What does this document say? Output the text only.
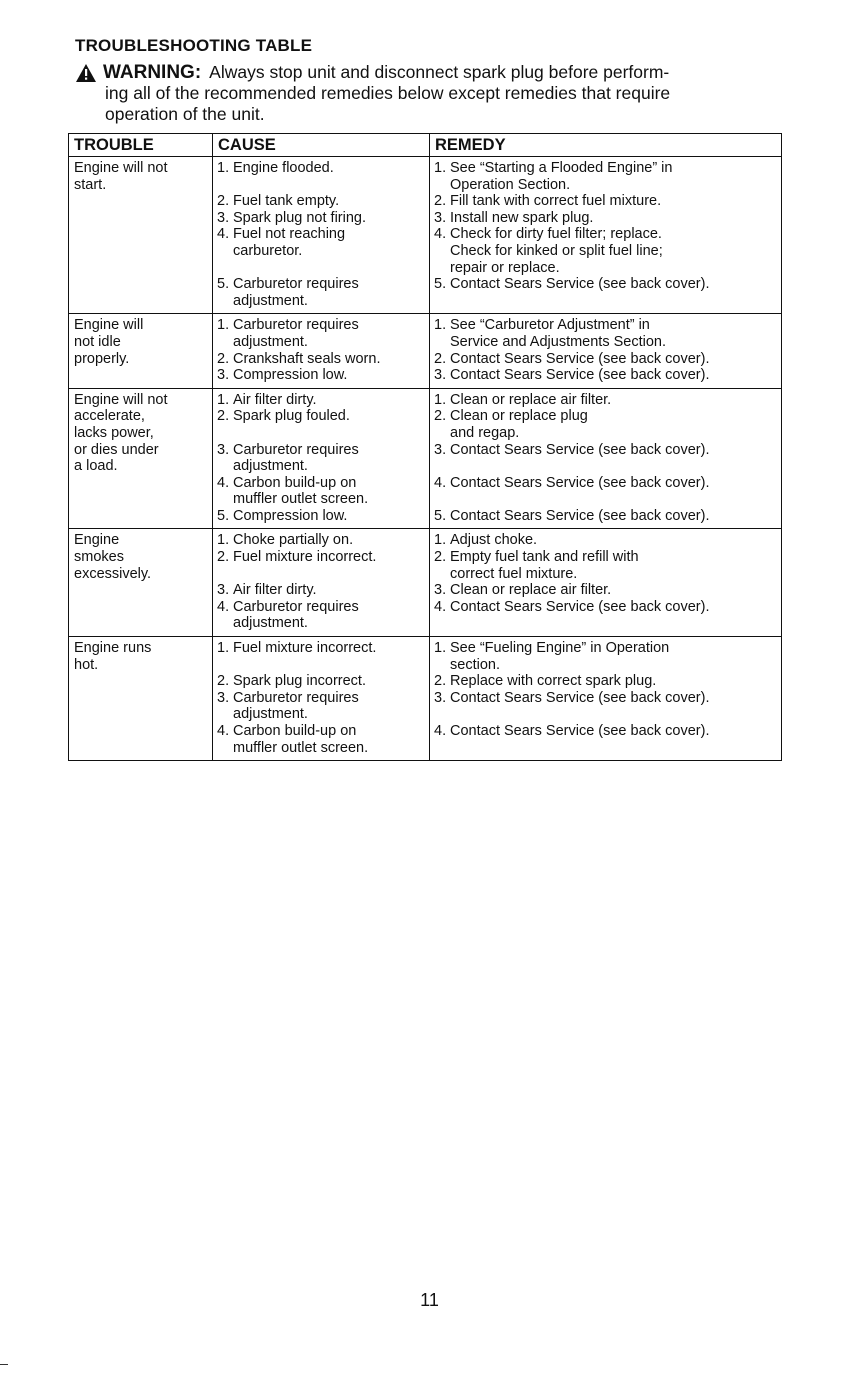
TROUBLESHOOTING TABLE
WARNING: Always stop unit and disconnect spark plug before perform-
ing all of the recommended remedies below except remedies that require
operation of the unit.
TROUBLE	CAUSE	REMEDY
Engine will not
start.
1. Engine flooded.
2. Fuel tank empty.
3. Spark plug not firing.
4. Fuel not reaching
carburetor.
5. Carburetor requires
adjustment.
1. See “Starting a Flooded Engine” in
Operation Section.
2. Fill tank with correct fuel mixture.
3. Install new spark plug.
4. Check for dirty fuel filter; replace.
Check for kinked or split fuel line;
repair or replace.
5. Contact Sears Service (see back cover).
Engine will
not idle
properly.
1. Carburetor requires
adjustment.
2. Crankshaft seals worn.
3. Compression low.
1. See “Carburetor Adjustment” in
Service and Adjustments Section.
2. Contact Sears Service (see back cover).
3. Contact Sears Service (see back cover).
Engine will not
accelerate,
lacks power,
or dies under
a load.
1. Air filter dirty.
2. Spark plug fouled.
3. Carburetor requires
adjustment.
4. Carbon build-up on
muffler outlet screen.
5. Compression low.
1. Clean or replace air filter.
2. Clean or replace plug
and regap.
3. Contact Sears Service (see back cover).
4. Contact Sears Service (see back cover).
5. Contact Sears Service (see back cover).
Engine
smokes
excessively.
1. Choke partially on.
2. Fuel mixture incorrect.
3. Air filter dirty.
4. Carburetor requires
adjustment.
1. Adjust choke.
2. Empty fuel tank and refill with
correct fuel mixture.
3. Clean or replace air filter.
4. Contact Sears Service (see back cover).
Engine runs
hot.
1. Fuel mixture incorrect.
2. Spark plug incorrect.
3. Carburetor requires
adjustment.
4. Carbon build-up on
muffler outlet screen.
1. See “Fueling Engine” in Operation
section.
2. Replace with correct spark plug.
3. Contact Sears Service (see back cover).
4. Contact Sears Service (see back cover).
11
